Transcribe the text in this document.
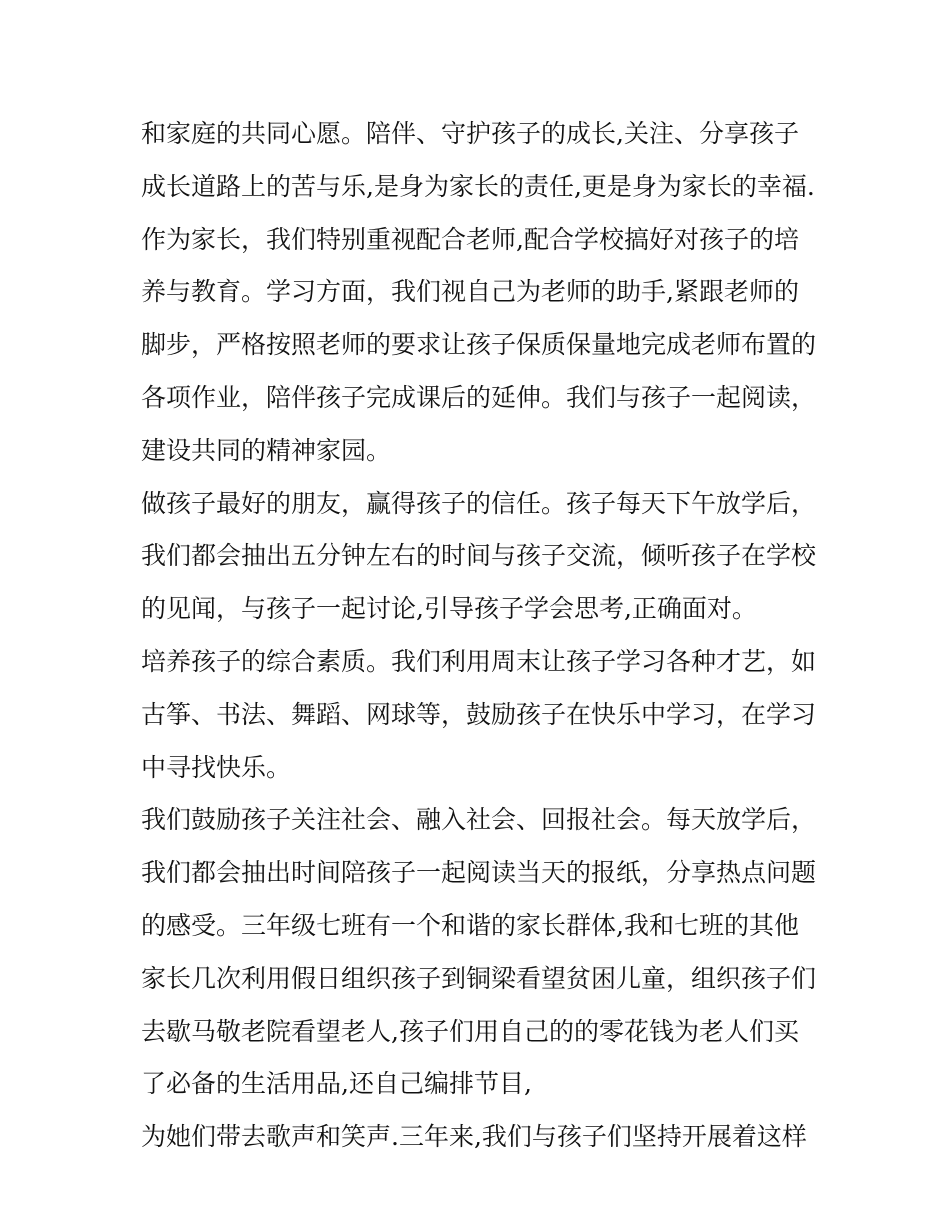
和家庭的共同心愿。陪伴、守护孩子的成长,关注、分享孩子
成长道路上的苦与乐,是身为家长的责任,更是身为家长的幸福.
作为家长，我们特别重视配合老师,配合学校搞好对孩子的培
养与教育。学习方面，我们视自己为老师的助手,紧跟老师的
脚步，严格按照老师的要求让孩子保质保量地完成老师布置的
各项作业，陪伴孩子完成课后的延伸。我们与孩子一起阅读，
建设共同的精神家园。
做孩子最好的朋友，赢得孩子的信任。孩子每天下午放学后，
我们都会抽出五分钟左右的时间与孩子交流，倾听孩子在学校
的见闻，与孩子一起讨论,引导孩子学会思考,正确面对。
培养孩子的综合素质。我们利用周末让孩子学习各种才艺，如
古筝、书法、舞蹈、网球等，鼓励孩子在快乐中学习，在学习
中寻找快乐。
我们鼓励孩子关注社会、融入社会、回报社会。每天放学后，
我们都会抽出时间陪孩子一起阅读当天的报纸，分享热点问题
的感受。三年级七班有一个和谐的家长群体,我和七班的其他
家长几次利用假日组织孩子到铜梁看望贫困儿童，组织孩子们
去歇马敬老院看望老人,孩子们用自己的的零花钱为老人们买
了必备的生活用品,还自己编排节目,
为她们带去歌声和笑声.三年来,我们与孩子们坚持开展着这样
